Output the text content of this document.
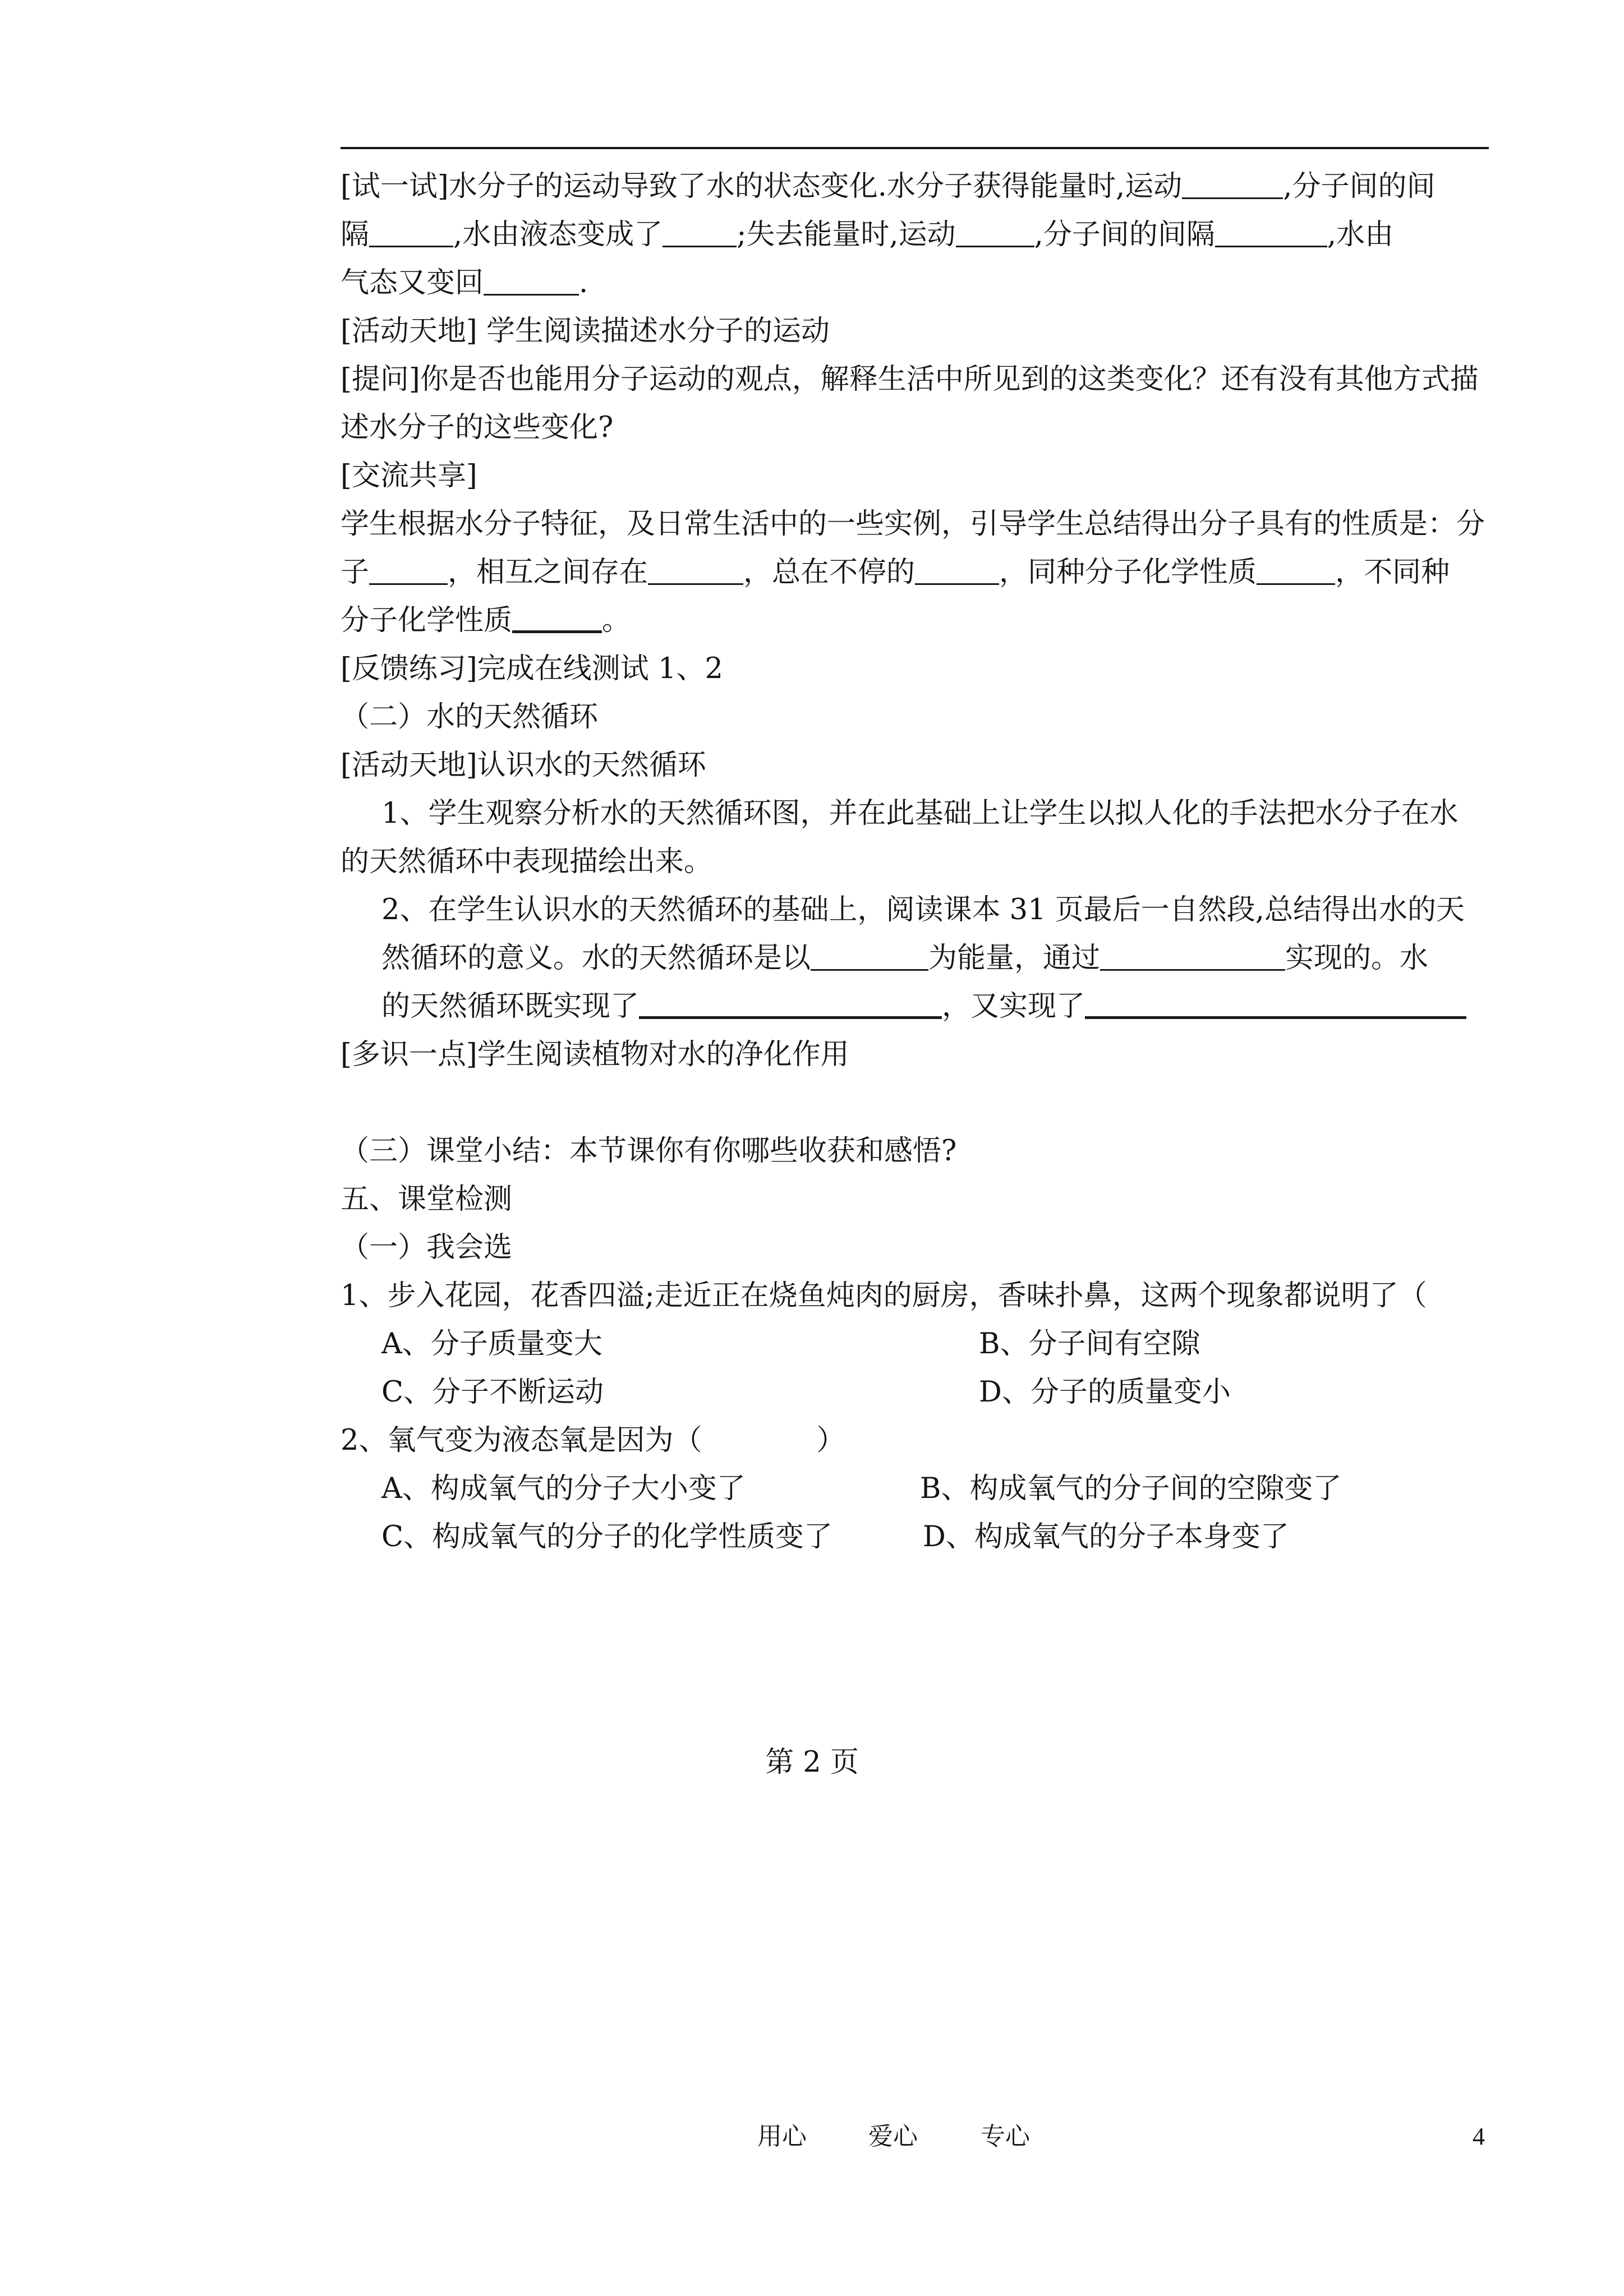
[试一试]水分子的运动导致了水的状态变化.水分子获得能量时,运动	,分子间的间
隔	,水由液态变成了	;失去能量时,运动	,分子间的间隔	,水由
气态又变回	.
[活动天地] 学生阅读描述水分子的运动
[提问]你是否也能用分子运动的观点，解释生活中所见到的这类变化？还有没有其他方式描
述水分子的这些变化?
[交流共享]
学生根据水分子特征，及日常生活中的一些实例，引导学生总结得出分子具有的性质是：分
子	，相互之间存在	，总在不停的	，同种分子化学性质	，不同种
分子化学性质	。
[反馈练习]完成在线测试 1、2
（二）水的天然循环
[活动天地]认识水的天然循环
1、学生观察分析水的天然循环图，并在此基础上让学生以拟人化的手法把水分子在水
的天然循环中表现描绘出来。
2、在学生认识水的天然循环的基础上，阅读课本 31 页最后一自然段,总结得出水的天
然循环的意义。水的天然循环是以	为能量，通过	实现的。水
的天然循环既实现了	，又实现了
[多识一点]学生阅读植物对水的净化作用
（三）课堂小结：本节课你有你哪些收获和感悟?
五、课堂检测
（一）我会选
1、步入花园，花香四溢;走近正在烧鱼炖肉的厨房，香味扑鼻，这两个现象都说明了（
A、分子质量变大	B、分子间有空隙
C、分子不断运动	D、分子的质量变小
2、氧气变为液态氧是因为（　　　　）
A、构成氧气的分子大小变了	B、构成氧气的分子间的空隙变了
C、构成氧气的分子的化学性质变了	D、构成氧气的分子本身变了
第 2 页
用心	爱心	专心	4
